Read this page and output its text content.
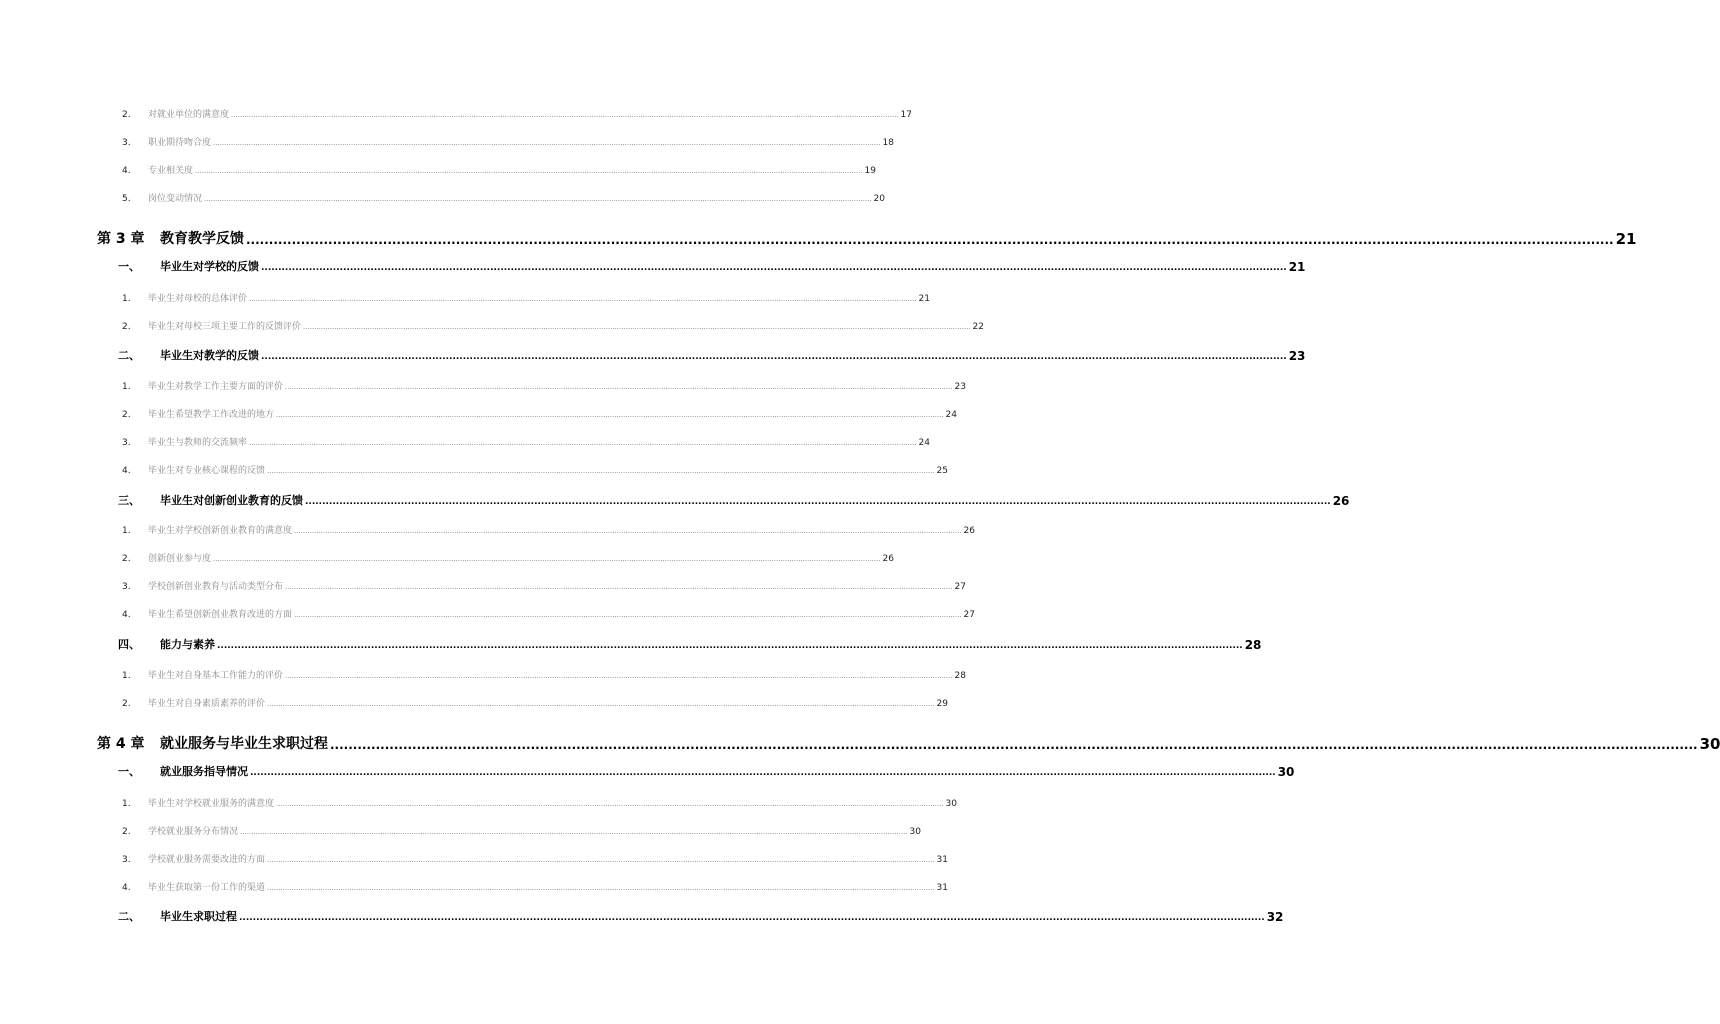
2.	对就业单位的满意度 ............................................................................................................................................................................................................................................................................................................ 17
3.	职业期待吻合度 ............................................................................................................................................................................................................................................................................................................ 18
4.	专业相关度 ............................................................................................................................................................................................................................................................................................................ 19
5.	岗位变动情况 ............................................................................................................................................................................................................................................................................................................ 20
第 3 章	教育教学反馈 ............................................................................................................................................................................................................................................................................................................ 21
一、	毕业生对学校的反馈 ............................................................................................................................................................................................................................................................................................................ 21
1.	毕业生对母校的总体评价 ............................................................................................................................................................................................................................................................................................................ 21
2.	毕业生对母校三项主要工作的反馈评价 ............................................................................................................................................................................................................................................................................................................ 22
二、	毕业生对教学的反馈 ............................................................................................................................................................................................................................................................................................................ 23
1.	毕业生对教学工作主要方面的评价 ............................................................................................................................................................................................................................................................................................................ 23
2.	毕业生希望教学工作改进的地方 ............................................................................................................................................................................................................................................................................................................ 24
3.	毕业生与教师的交流频率 ............................................................................................................................................................................................................................................................................................................ 24
4.	毕业生对专业核心课程的反馈 ............................................................................................................................................................................................................................................................................................................ 25
三、	毕业生对创新创业教育的反馈 ............................................................................................................................................................................................................................................................................................................ 26
1.	毕业生对学校创新创业教育的满意度 ............................................................................................................................................................................................................................................................................................................ 26
2.	创新创业参与度 ............................................................................................................................................................................................................................................................................................................ 26
3.	学校创新创业教育与活动类型分布 ............................................................................................................................................................................................................................................................................................................ 27
4.	毕业生希望创新创业教育改进的方面 ............................................................................................................................................................................................................................................................................................................ 27
四、	能力与素养 ............................................................................................................................................................................................................................................................................................................ 28
1.	毕业生对自身基本工作能力的评价 ............................................................................................................................................................................................................................................................................................................ 28
2.	毕业生对自身素质素养的评价 ............................................................................................................................................................................................................................................................................................................ 29
第 4 章	就业服务与毕业生求职过程 ............................................................................................................................................................................................................................................................................................................ 30
一、	就业服务指导情况 ............................................................................................................................................................................................................................................................................................................ 30
1.	毕业生对学校就业服务的满意度 ............................................................................................................................................................................................................................................................................................................ 30
2.	学校就业服务分布情况 ............................................................................................................................................................................................................................................................................................................ 30
3.	学校就业服务需要改进的方面 ............................................................................................................................................................................................................................................................................................................ 31
4.	毕业生获取第一份工作的渠道 ............................................................................................................................................................................................................................................................................................................ 31
二、	毕业生求职过程 ............................................................................................................................................................................................................................................................................................................ 32
